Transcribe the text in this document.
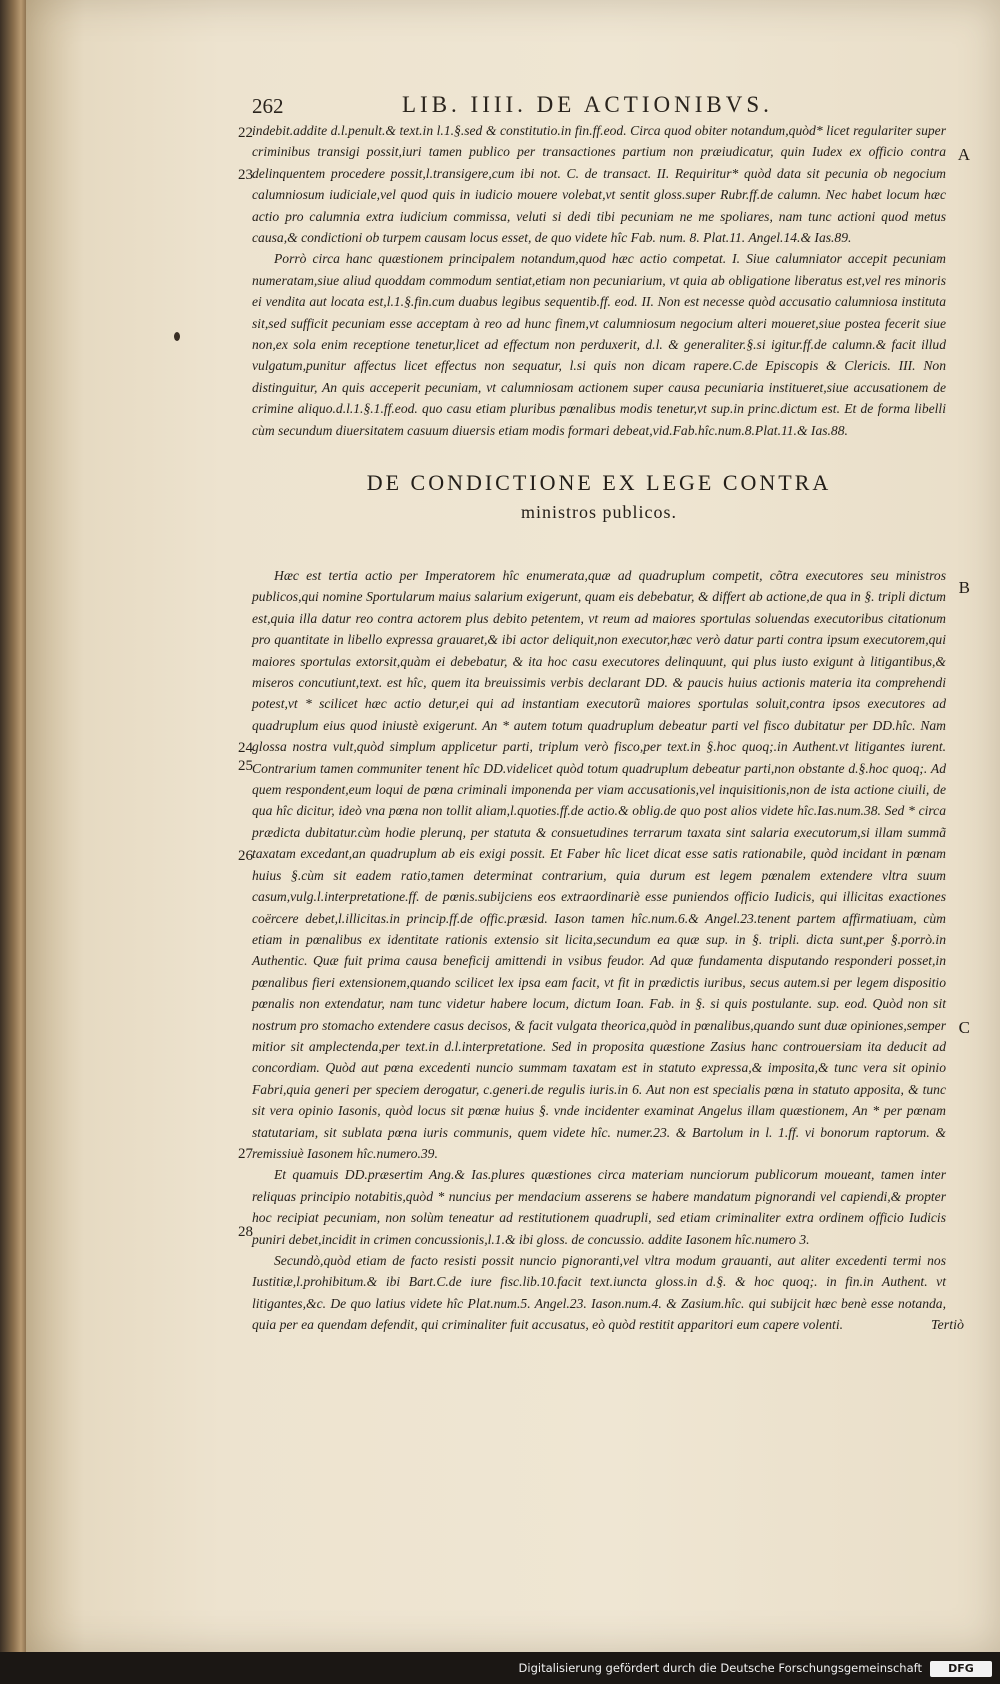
262	LIB. IIII. DE ACTIONIBVS.

indebit.addite d.l.penult.& text.in l.1.§.sed & constitutio.in fin.ff.eod. Circa quod obiter notandum,quòd* licet regulariter super criminibus transigi possit,iuri tamen publico per transactiones partium non præiudicatur, quin Iudex ex officio contra delinquentem procedere possit,l.transigere,cum ibi not. C. de transact. II. Requiritur* quòd data sit pecunia ob negocium calumniosum iudiciale,vel quod quis in iudicio mouere volebat,vt sentit gloss.super Rubr.ff.de calumn. Nec habet locum hæc actio pro calumnia extra iudicium commissa, veluti si dedi tibi pecuniam ne me spoliares, nam tunc actioni quod metus causa,& condictioni ob turpem causam locus esset, de quo videte hîc Fab. num. 8. Plat.11. Angel.14.& Ias.89.

Porrò circa hanc quæstionem principalem notandum,quod hæc actio competat. I. Siue calumniator accepit pecuniam numeratam,siue aliud quoddam commodum sentiat,etiam non pecuniarium, vt quia ab obligatione liberatus est,vel res minoris ei vendita aut locata est,l.1.§.fin.cum duabus legibus sequentib.ff. eod. II. Non est necesse quòd accusatio calumniosa instituta sit,sed sufficit pecuniam esse acceptam à reo ad hunc finem,vt calumniosum negocium alteri moueret,siue postea fecerit siue non,ex sola enim receptione tenetur,licet ad effectum non perduxerit, d.l. & generaliter.§.si igitur.ff.de calumn.& facit illud vulgatum,punitur affectus licet effectus non sequatur, l.si quis non dicam rapere.C.de Episcopis & Clericis. III. Non distinguitur, An quis acceperit pecuniam, vt calumniosam actionem super causa pecuniaria institueret,siue accusationem de crimine aliquo.d.l.1.§.1.ff.eod. quo casu etiam pluribus pœnalibus modis tenetur,vt sup.in princ.dictum est. Et de forma libelli cùm secundum diuersitatem casuum diuersis etiam modis formari debeat,vid.Fab.hîc.num.8.Plat.11.& Ias.88.

DE CONDICTIONE EX LEGE CONTRA
ministros publicos.

Hæc est tertia actio per Imperatorem hîc enumerata,quæ ad quadruplum competit, cõtra executores seu ministros publicos,qui nomine Sportularum maius salarium exigerunt, quam eis debebatur, & differt ab actione,de qua in §. tripli dictum est,quia illa datur reo contra actorem plus debito petentem, vt reum ad maiores sportulas soluendas executoribus citationum pro quantitate in libello expressa grauaret,& ibi actor deliquit,non executor,hæc verò datur parti contra ipsum executorem,qui maiores sportulas extorsit,quàm ei debebatur, & ita hoc casu executores delinquunt, qui plus iusto exigunt à litigantibus,& miseros concutiunt,text. est hîc, quem ita breuissimis verbis declarant DD. & paucis huius actionis materia ita comprehendi potest,vt * scilicet hæc actio detur,ei qui ad instantiam executorũ maiores sportulas soluit,contra ipsos executores ad quadruplum eius quod iniustè exigerunt. An * autem totum quadruplum debeatur parti vel fisco dubitatur per DD.hîc. Nam glossa nostra vult,quòd simplum applicetur parti, triplum verò fisco,per text.in §.hoc quoq;.in Authent.vt litigantes iurent. Contrarium tamen communiter tenent hîc DD.videlicet quòd totum quadruplum debeatur parti,non obstante d.§.hoc quoq;. Ad quem respondent,eum loqui de pœna criminali imponenda per viam accusationis,vel inquisitionis,non de ista actione ciuili, de qua hîc dicitur, ideò vna pœna non tollit aliam,l.quoties.ff.de actio.& oblig.de quo post alios videte hîc.Ias.num.38. Sed * circa prædicta dubitatur.cùm hodie plerunq, per statuta & consuetudines terrarum taxata sint salaria executorum,si illam summã taxatam excedant,an quadruplum ab eis exigi possit. Et Faber hîc licet dicat esse satis rationabile, quòd incidant in pœnam huius §.cùm sit eadem ratio,tamen determinat contrarium, quia durum est legem pœnalem extendere vltra suum casum,vulg.l.interpretatione.ff. de pœnis.subijciens eos extraordinariè esse puniendos officio Iudicis, qui illicitas exactiones coërcere debet,l.illicitas.in princip.ff.de offic.præsid. Iason tamen hîc.num.6.& Angel.23.tenent partem affirmatiuam, cùm etiam in pœnalibus ex identitate rationis extensio sit licita,secundum ea quæ sup. in §. tripli. dicta sunt,per §.porrò.in Authentic. Quæ fuit prima causa beneficij amittendi in vsibus feudor. Ad quæ fundamenta disputando responderi posset,in pœnalibus fieri extensionem,quando scilicet lex ipsa eam facit, vt fit in prædictis iuribus, secus autem.si per legem dispositio pœnalis non extendatur, nam tunc videtur habere locum, dictum Ioan. Fab. in §. si quis postulante. sup. eod. Quòd non sit nostrum pro stomacho extendere casus decisos, & facit vulgata theorica,quòd in pœnalibus,quando sunt duæ opiniones,semper mitior sit amplectenda,per text.in d.l.interpretatione. Sed in proposita quæstione Zasius hanc controuersiam ita deducit ad concordiam. Quòd aut pœna excedenti nuncio summam taxatam est in statuto expressa,& imposita,& tunc vera sit opinio Fabri,quia generi per speciem derogatur, c.generi.de regulis iuris.in 6. Aut non est specialis pœna in statuto apposita, & tunc sit vera opinio Iasonis, quòd locus sit pœnæ huius §. vnde incidenter examinat Angelus illam quæstionem, An * per pœnam statutariam, sit sublata pœna iuris communis, quem videte hîc. numer.23. & Bartolum in l. 1.ff. vi bonorum raptorum. & remissiuè Iasonem hîc.numero.39.

Et quamuis DD.præsertim Ang.& Ias.plures quæstiones circa materiam nunciorum publicorum moueant, tamen inter reliquas principio notabitis,quòd * nuncius per mendacium asserens se habere mandatum pignorandi vel capiendi,& propter hoc recipiat pecuniam, non solùm teneatur ad restitutionem quadrupli, sed etiam criminaliter extra ordinem officio Iudicis puniri debet,incidit in crimen concussionis,l.1.& ibi gloss. de concussio. addite Iasonem hîc.numero 3.

Secundò,quòd etiam de facto resisti possit nuncio pignoranti,vel vltra modum grauanti, aut aliter excedenti termi nos Iustitiæ,l.prohibitum.& ibi Bart.C.de iure fisc.lib.10.facit text.iuncta gloss.in d.§. & hoc quoq;. in fin.in Authent. vt litigantes,&c. De quo latius videte hîc Plat.num.5. Angel.23. Iason.num.4. & Zasium.hîc. qui subijcit hæc benè esse notanda, quia per ea quendam defendit, qui criminaliter fuit accusatus, eò quòd restitit apparitori eum capere volenti.	Tertiò
22
23
24
25
26
27
28
A
B
C
Digitalisierung gefördert durch die Deutsche Forschungsgemeinschaft	DFG
